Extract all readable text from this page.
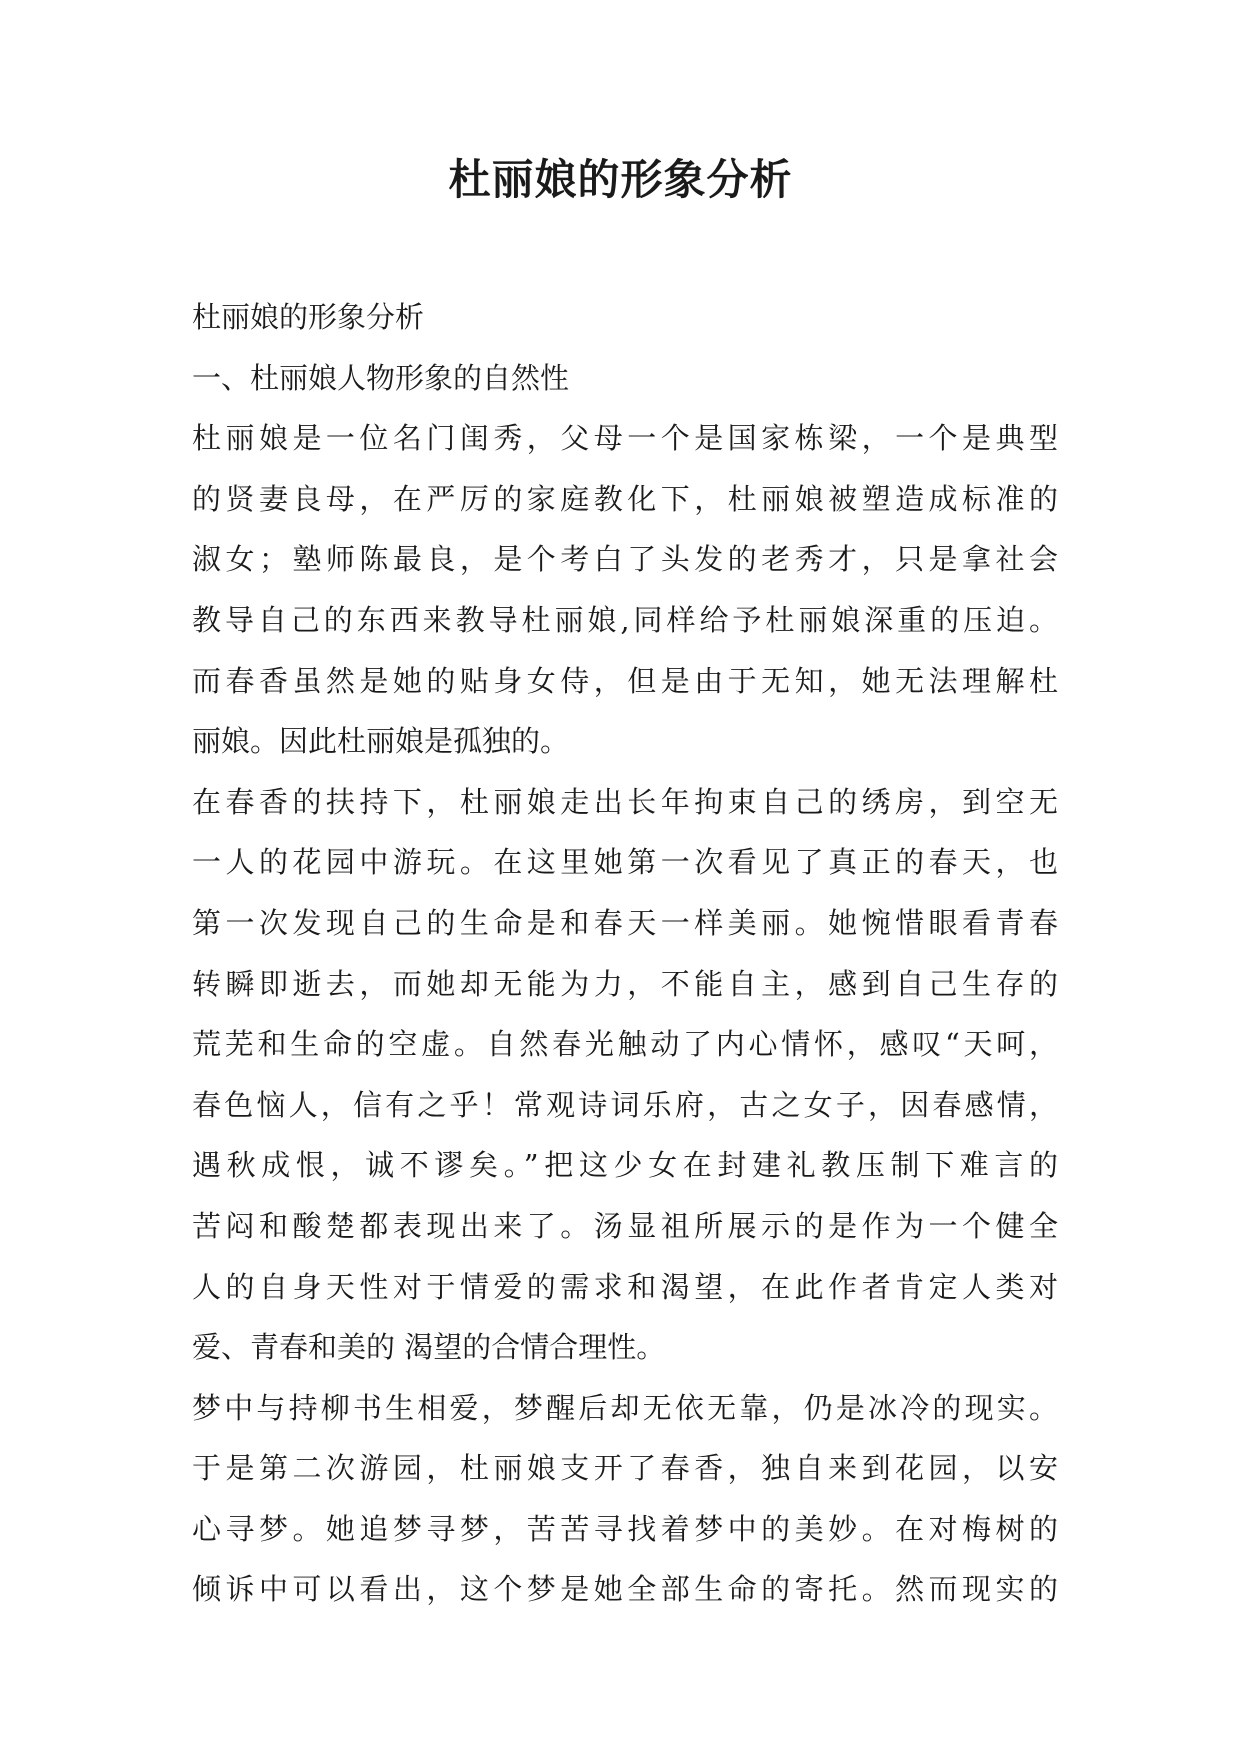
杜丽娘的形象分析
杜丽娘的形象分析
一、杜丽娘人物形象的自然性
杜丽娘是一位名门闺秀，父母一个是国家栋梁，一个是典型
的贤妻良母，在严厉的家庭教化下，杜丽娘被塑造成标准的
淑女；塾师陈最良，是个考白了头发的老秀才，只是拿社会
教导自己的东西来教导杜丽娘,同样给予杜丽娘深重的压迫。
而春香虽然是她的贴身女侍，但是由于无知，她无法理解杜
丽娘。因此杜丽娘是孤独的。
在春香的扶持下，杜丽娘走出长年拘束自己的绣房，到空无
一人的花园中游玩。在这里她第一次看见了真正的春天，也
第一次发现自己的生命是和春天一样美丽。她惋惜眼看青春
转瞬即逝去，而她却无能为力，不能自主，感到自己生存的
荒芜和生命的空虚。自然春光触动了内心情怀，感叹“天呵，
春色恼人，信有之乎！常观诗词乐府，古之女子，因春感情，
遇秋成恨，诚不谬矣。”把这少女在封建礼教压制下难言的
苦闷和酸楚都表现出来了。汤显祖所展示的是作为一个健全
人的自身天性对于情爱的需求和渴望，在此作者肯定人类对
爱、青春和美的 渴望的合情合理性。
梦中与持柳书生相爱，梦醒后却无依无靠，仍是冰冷的现实。
于是第二次游园，杜丽娘支开了春香，独自来到花园，以安
心寻梦。她追梦寻梦，苦苦寻找着梦中的美妙。在对梅树的
倾诉中可以看出，这个梦是她全部生命的寄托。然而现实的
